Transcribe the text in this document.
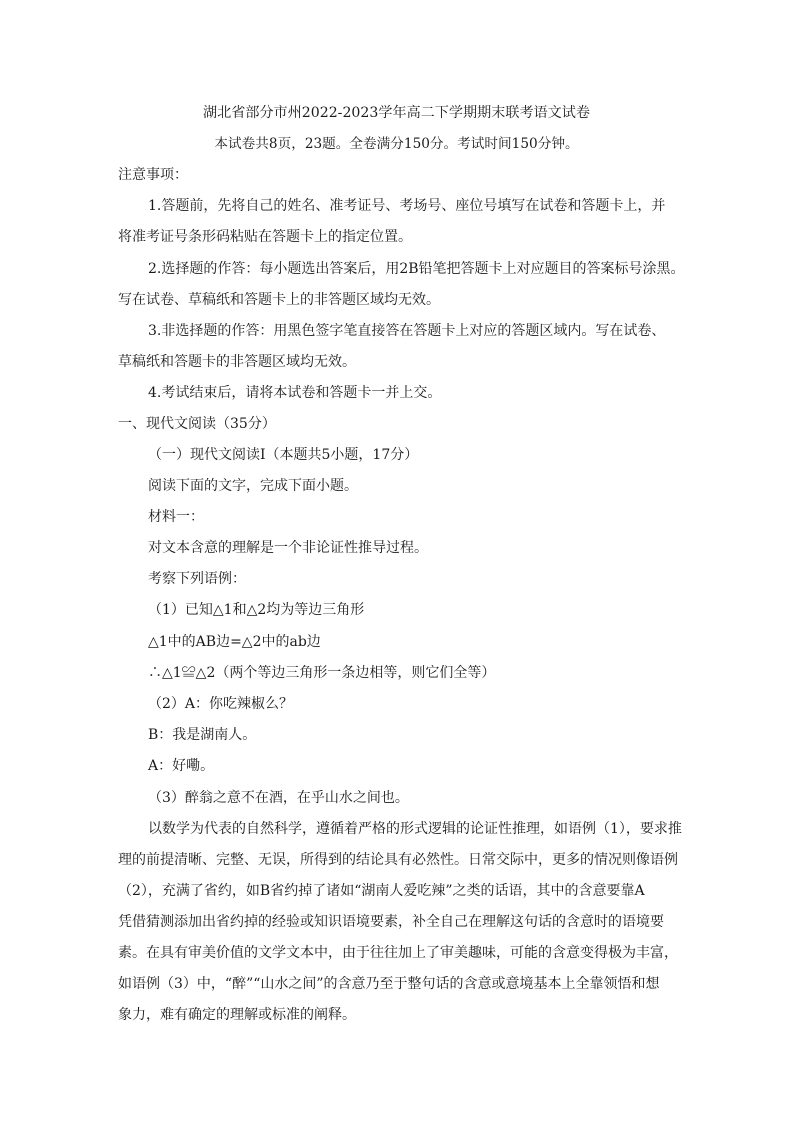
湖北省部分市州2022-2023学年高二下学期期末联考语文试卷
本试卷共8页，23题。全卷满分150分。考试时间150分钟。
注意事项：
1.答题前，先将自己的姓名、准考证号、考场号、座位号填写在试卷和答题卡上，并
将准考证号条形码粘贴在答题卡上的指定位置。
2.选择题的作答：每小题选出答案后，用2B铅笔把答题卡上对应题目的答案标号涂黑。
写在试卷、草稿纸和答题卡上的非答题区域均无效。
3.非选择题的作答：用黑色签字笔直接答在答题卡上对应的答题区域内。写在试卷、
草稿纸和答题卡的非答题区域均无效。
4.考试结束后，请将本试卷和答题卡一并上交。
一、现代文阅读（35分）
（一）现代文阅读Ⅰ（本题共5小题，17分）
阅读下面的文字，完成下面小题。
材料一：
对文本含意的理解是一个非论证性推导过程。
考察下列语例：
（1）已知△1和△2均为等边三角形
△1中的AB边=△2中的ab边
∴△1≌△2（两个等边三角形一条边相等，则它们全等）
（2）A：你吃辣椒么？
B：我是湖南人。
A：好嘞。
（3）醉翁之意不在酒，在乎山水之间也。
以数学为代表的自然科学，遵循着严格的形式逻辑的论证性推理，如语例（1），要求推
理的前提清晰、完整、无误，所得到的结论具有必然性。日常交际中，更多的情况则像语例
（2），充满了省约，如B省约掉了诸如“湖南人爱吃辣”之类的话语，其中的含意要靠A
凭借猜测添加出省约掉的经验或知识语境要素，补全自己在理解这句话的含意时的语境要
素。在具有审美价值的文学文本中，由于往往加上了审美趣味，可能的含意变得极为丰富，
如语例（3）中，“醉”“山水之间”的含意乃至于整句话的含意或意境基本上全靠领悟和想
象力，难有确定的理解或标准的阐释。
